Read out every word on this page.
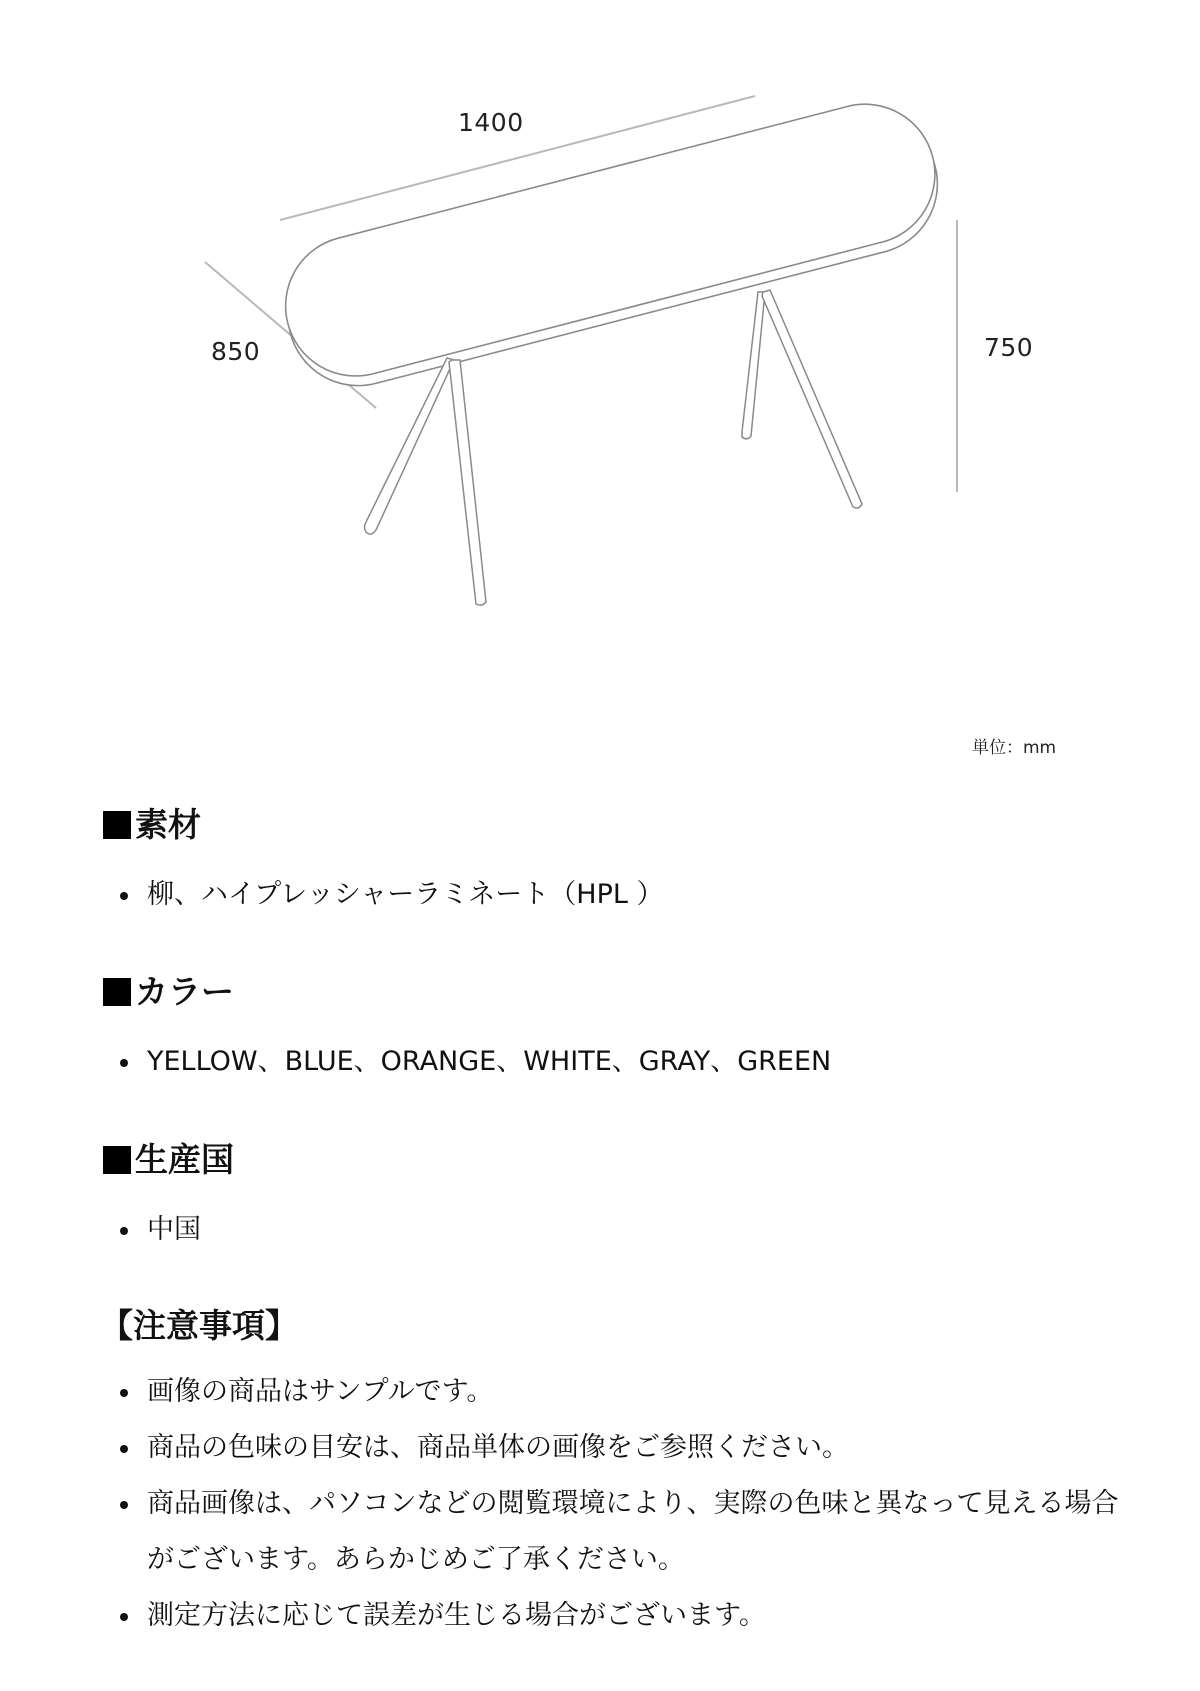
1400
850	750
単位：mm
素材
柳、ハイプレッシャーラミネート（HPL ）
カラー
YELLOW、BLUE、ORANGE、WHITE、GRAY、GREEN
生産国
中国
【注意事項】
画像の商品はサンプルです。
商品の色味の目安は、商品単体の画像をご参照ください。
商品画像は、パソコンなどの閲覧環境により、実際の色味と異なって見える場合がございます。あらかじめご了承ください。
測定方法に応じて誤差が生じる場合がございます。
